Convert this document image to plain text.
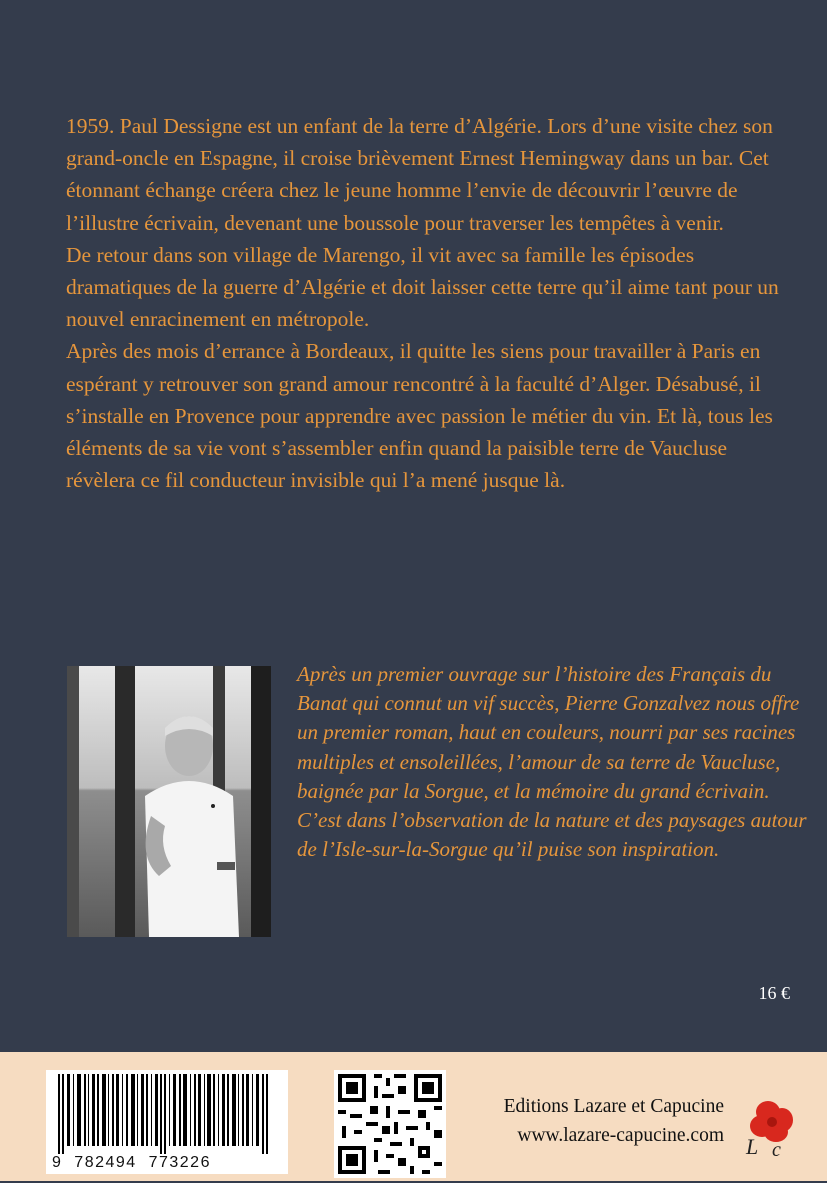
1959. Paul Dessigne est un enfant de la terre d’Algérie. Lors d’une visite chez son grand-oncle en Espagne, il croise brièvement Ernest Hemingway dans un bar. Cet étonnant échange créera chez le jeune homme l’envie de découvrir l’œuvre de l’illustre écrivain, devenant une boussole pour traverser les tempêtes à venir.

De retour dans son village de Marengo, il vit avec sa famille les épisodes dramatiques de la guerre d’Algérie et doit laisser cette terre qu’il aime tant pour un nouvel enracinement en métropole.

Après des mois d’errance à Bordeaux, il quitte les siens pour travailler à Paris en espérant y retrouver son grand amour rencontré à la faculté d’Alger. Désabusé, il s’installe en Provence pour apprendre avec passion le métier du vin. Et là, tous les éléments de sa vie vont s’assembler enfin quand la paisible terre de Vaucluse révèlera ce fil conducteur invisible qui l’a mené jusque là.

Après un premier ouvrage sur l’histoire des Français du Banat qui connut un vif succès, Pierre Gonzalvez nous offre un premier roman, haut en couleurs, nourri par ses racines multiples et ensoleillées, l’amour de sa terre de Vaucluse, baignée par la Sorgue, et la mémoire du grand écrivain. C’est dans l’observation de la nature et des paysages autour de l’Isle-sur-la-Sorgue qu’il puise son inspiration.
16 €
9  782494  773226
Editions Lazare et Capucine
www.lazare-capucine.com L c
